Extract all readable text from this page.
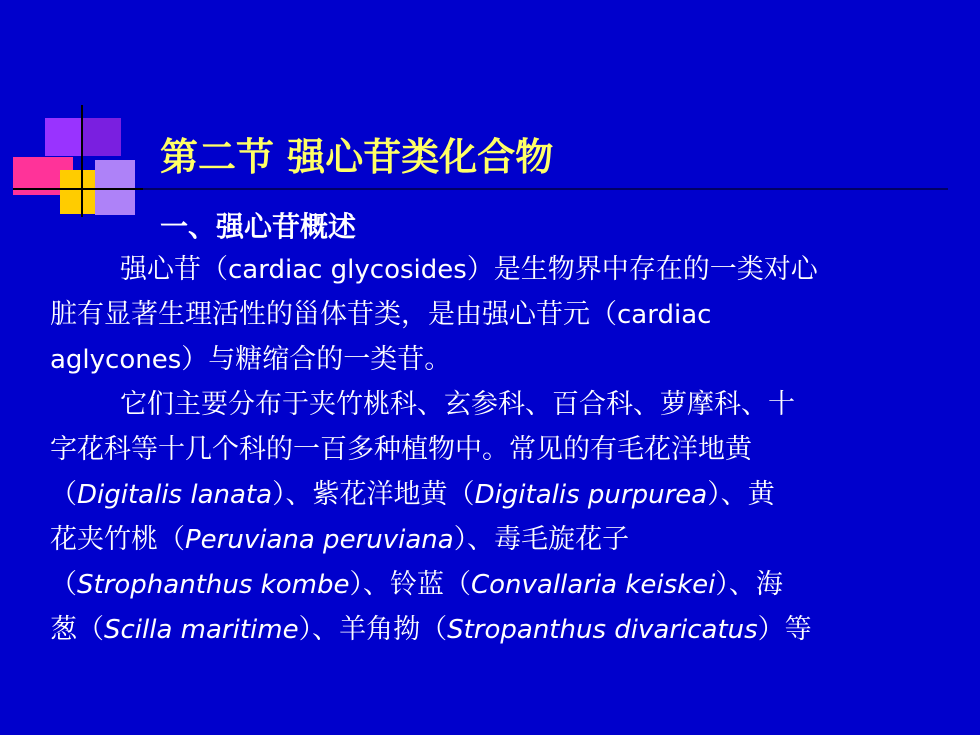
第二节 强心苷类化合物
一、强心苷概述
强心苷（cardiac glycosides）是生物界中存在的一类对心
脏有显著生理活性的甾体苷类，是由强心苷元（cardiac
aglycones）与糖缩合的一类苷。
它们主要分布于夹竹桃科、玄参科、百合科、萝摩科、十
字花科等十几个科的一百多种植物中。常见的有毛花洋地黄
（Digitalis lanata）、紫花洋地黄（Digitalis purpurea）、黄
花夹竹桃（Peruviana peruviana）、毒毛旋花子
（Strophanthus kombe）、铃蓝（Convallaria keiskei）、海
葱（Scilla maritime）、羊角拗（Stropanthus divaricatus）等
